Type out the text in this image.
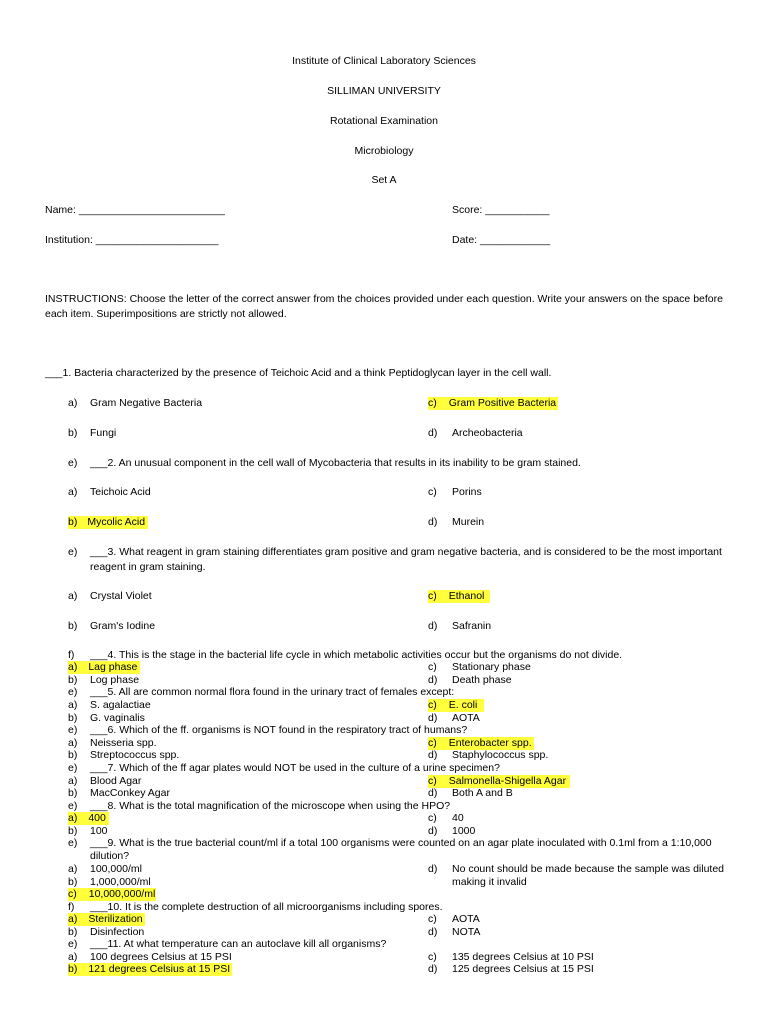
Institute of Clinical Laboratory Sciences
SILLIMAN UNIVERSITY
Rotational Examination
Microbiology
Set A
Name: _________________________	Score: ___________
Institution: _____________________	Date: ____________
INSTRUCTIONS: Choose the letter of the correct answer from the choices provided under each question. Write your answers on the space before each item. Superimpositions are strictly not allowed.
___1. Bacteria characterized by the presence of Teichoic Acid and a think Peptidoglycan layer in the cell wall.
a) Gram Negative Bacteria	c) Gram Positive Bacteria
b) Fungi	d) Archeobacteria
e) ___2. An unusual component in the cell wall of Mycobacteria that results in its inability to be gram stained.
a) Teichoic Acid	c) Porins
b) Mycolic Acid	d) Murein
e) ___3. What reagent in gram staining differentiates gram positive and gram negative bacteria, and is considered to be the most important reagent in gram staining.
a) Crystal Violet	c) Ethanol
b) Gram's Iodine	d) Safranin
f) ___4. This is the stage in the bacterial life cycle in which metabolic activities occur but the organisms do not divide.
a) Lag phase	c) Stationary phase
b) Log phase	d) Death phase
e) ___5. All are common normal flora found in the urinary tract of females except:
a) S. agalactiae	c) E. coli
b) G. vaginalis	d) AOTA
e) ___6. Which of the ff. organisms is NOT found in the respiratory tract of humans?
a) Neisseria spp.	c) Enterobacter spp.
b) Streptococcus spp.	d) Staphylococcus spp.
e) ___7. Which of the ff agar plates would NOT be used in the culture of a urine specimen?
a) Blood Agar	c) Salmonella-Shigella Agar
b) MacConkey Agar	d) Both A and B
e) ___8. What is the total magnification of the microscope when using the HPO?
a) 400	c) 40
b) 100	d) 1000
e) ___9. What is the true bacterial count/ml if a total 100 organisms were counted on an agar plate inoculated with 0.1ml from a 1:10,000
dilution?
a) 100,000/ml	d) No count should be made because the sample was diluted
making it invalid
b) 1,000,000/ml
c) 10,000,000/ml
f) ___10. It is the complete destruction of all microorganisms including spores.
a) Sterilization	c) AOTA
b) Disinfection	d) NOTA
e) ___11. At what temperature can an autoclave kill all organisms?
a) 100 degrees Celsius at 15 PSI	c) 135 degrees Celsius at 10 PSI
b) 121 degrees Celsius at 15 PSI	d) 125 degrees Celsius at 15 PSI
